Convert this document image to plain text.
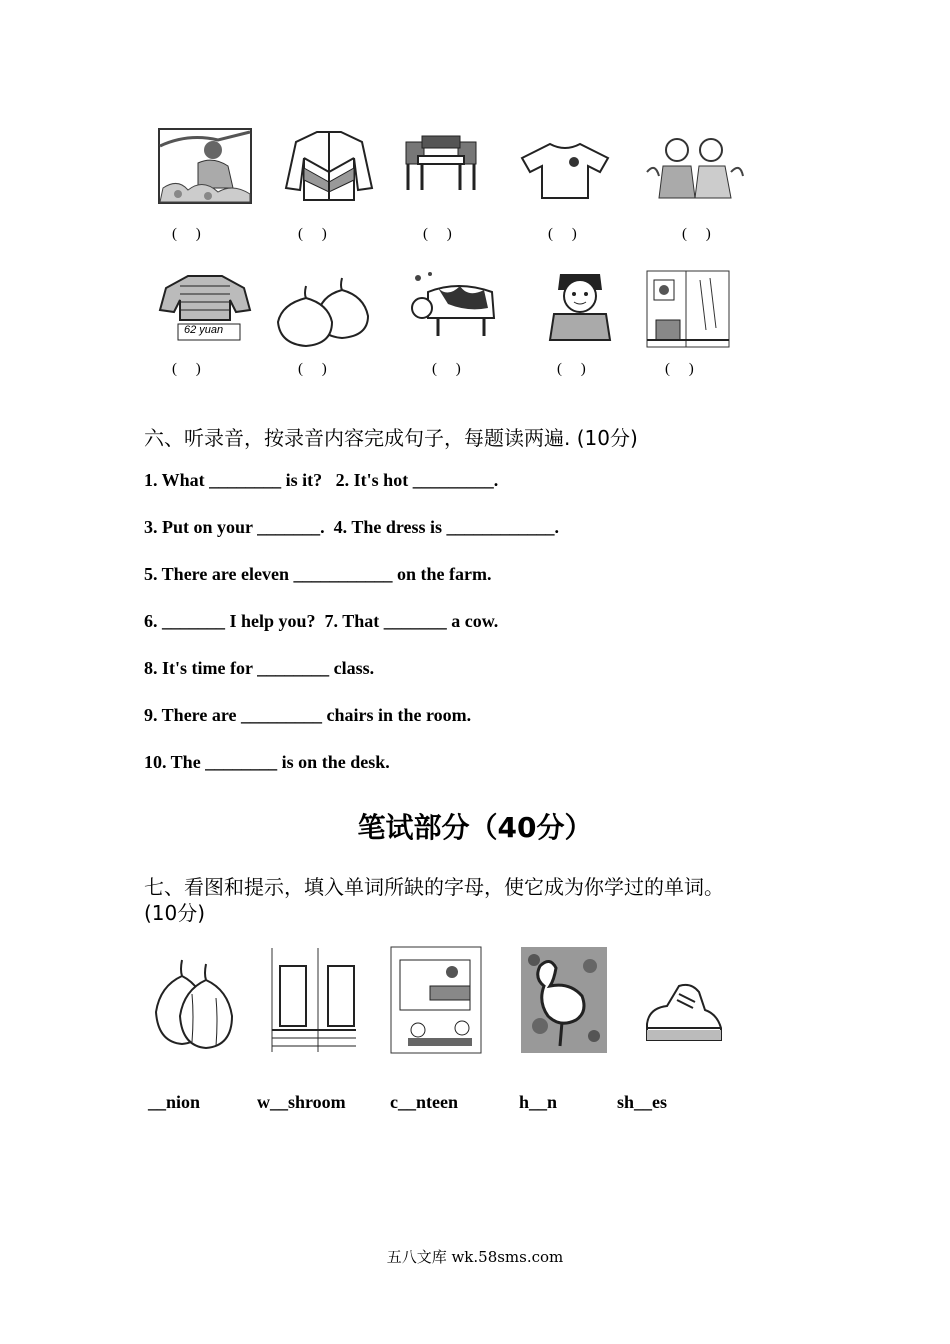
(     )	(     )	(     )	(     )	(     )
62 yuan
(     )	(     )	(     )	(     )	(     )
六、听录音，按录音内容完成句子，每题读两遍. (10分)
1. What ________ is it?   2. It's hot _________.
3. Put on your _______.  4. The dress is ____________.
5. There are eleven ___________ on the farm.
6. _______ I help you?  7. That _______ a cow.
8. It's time for ________ class.
9. There are _________ chairs in the room.
10. The ________ is on the desk.
笔试部分（40分）
七、看图和提示，填入单词所缺的字母，使它成为你学过的单词。
(10分)
__nion	w__shroom c__nteen	h__n	sh__es
五八文库 wk.58sms.com
